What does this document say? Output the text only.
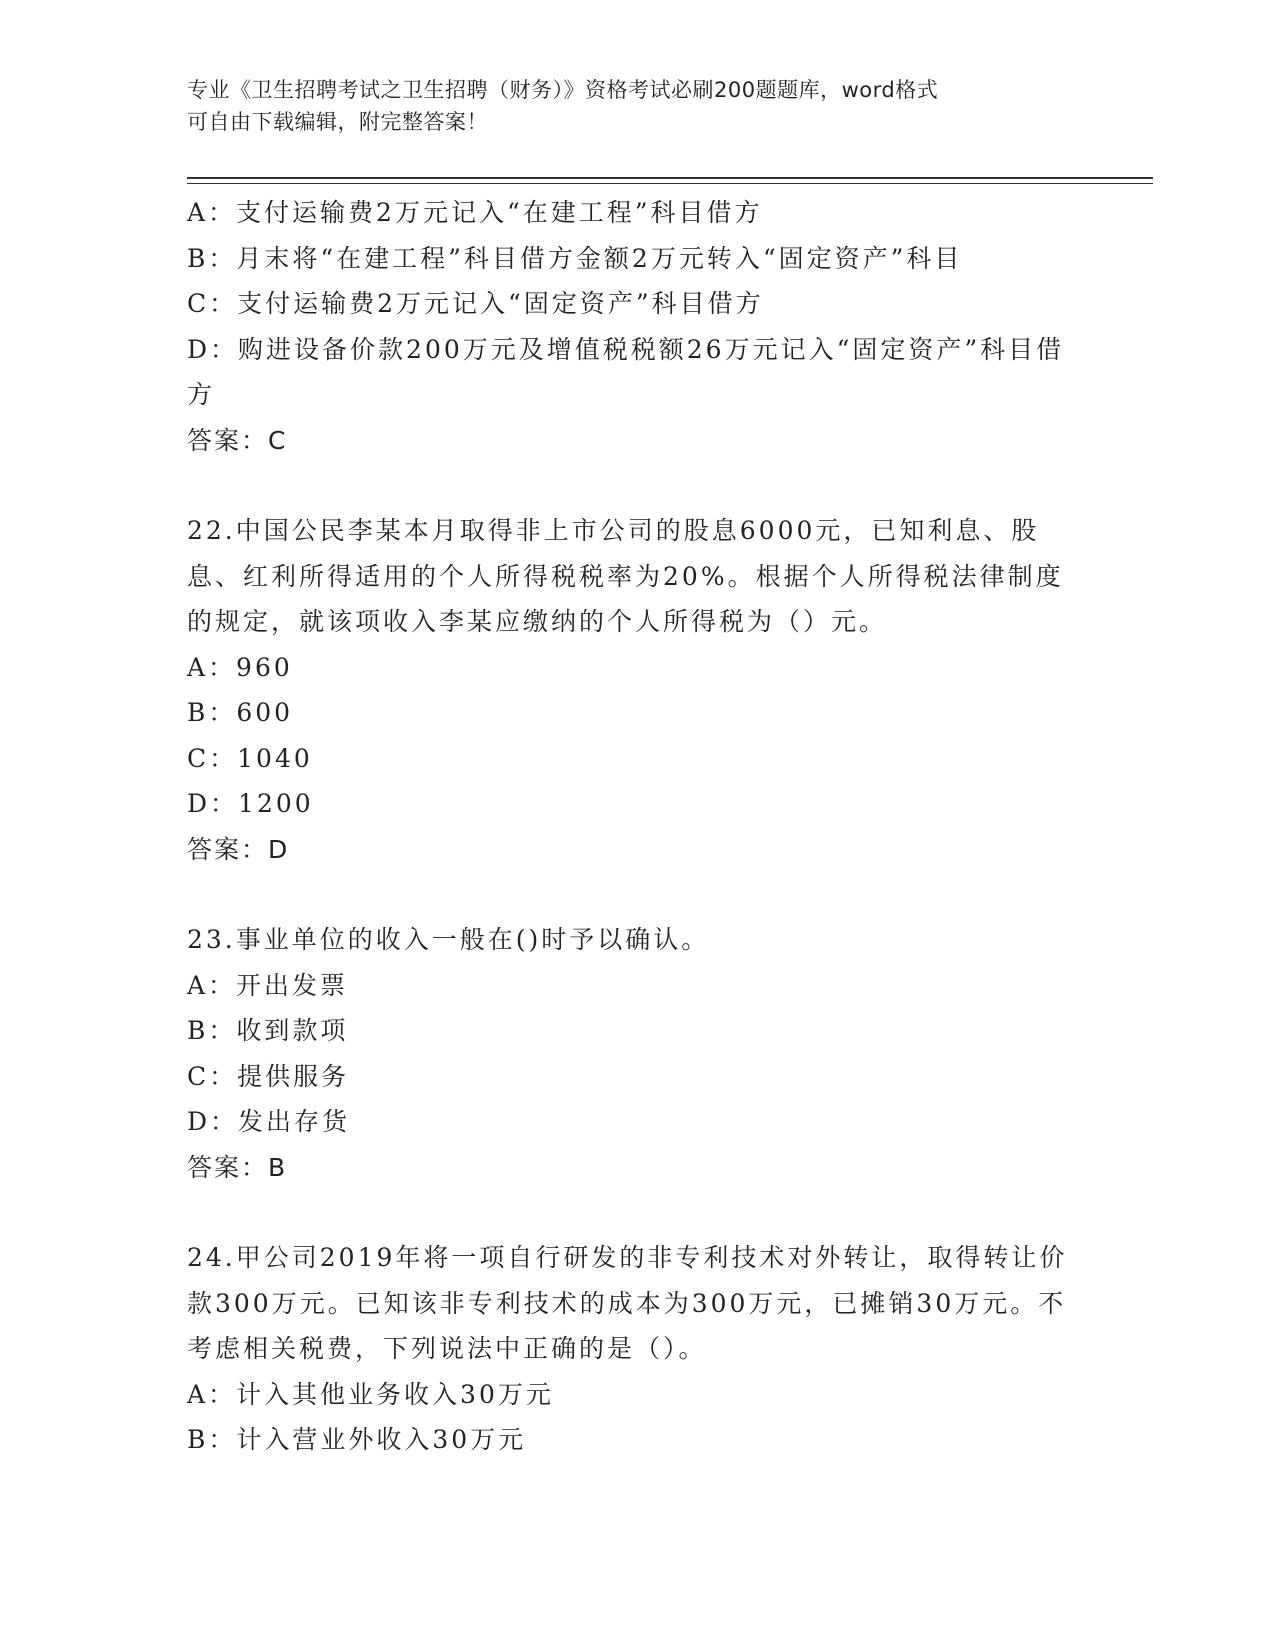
专业《卫生招聘考试之卫生招聘（财务）》资格考试必刷200题题库，word格式
可自由下载编辑，附完整答案！
A：支付运输费2万元记入“在建工程”科目借方
B：月末将“在建工程”科目借方金额2万元转入“固定资产”科目
C：支付运输费2万元记入“固定资产”科目借方
D：购进设备价款200万元及增值税税额26万元记入“固定资产”科目借方
答案：C
22.中国公民李某本月取得非上市公司的股息6000元，已知利息、股息、红利所得适用的个人所得税税率为20%。根据个人所得税法律制度的规定，就该项收入李某应缴纳的个人所得税为（）元。
A：960
B：600
C：1040
D：1200
答案：D
23.事业单位的收入一般在()时予以确认。
A：开出发票
B：收到款项
C：提供服务
D：发出存货
答案：B
24.甲公司2019年将一项自行研发的非专利技术对外转让，取得转让价款300万元。已知该非专利技术的成本为300万元，已摊销30万元。不考虑相关税费，下列说法中正确的是（）。
A：计入其他业务收入30万元
B：计入营业外收入30万元
